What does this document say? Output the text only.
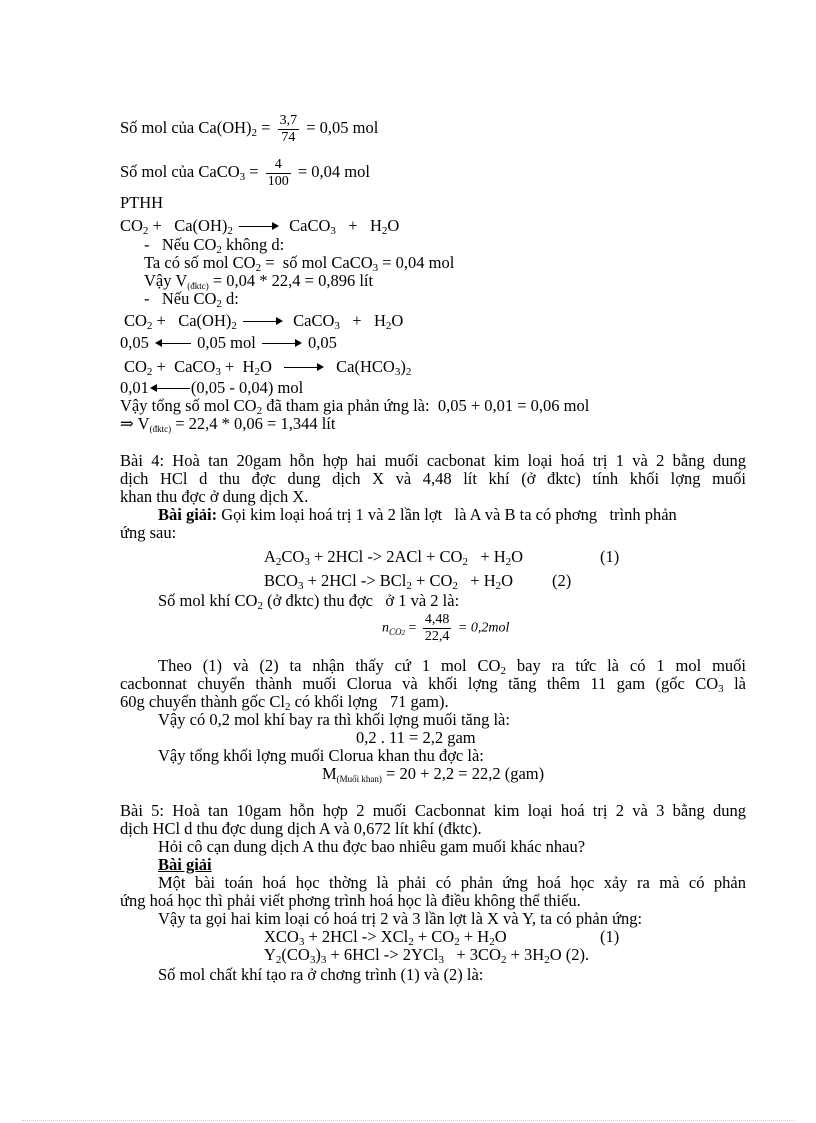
Số mol của $Ca(OH)_2 = \frac{3,7}{74} = 0,05$ mol
Số mol của CaCO$_3$ = $\frac{4}{100} = 0,04$ mol
PTHH
$CO_2 + Ca(OH)_2$	CaCO$_3$   +   $H_2O$
-   Nếu $CO_2$ không d:
Ta có số mol $CO_2$ =  số mol CaCO$_3$ = 0,04 mol
Vậy $V_{(đktc)} = 0,04 * 22,4 = 0,896$ lít
-   Nếu $CO_2$ d:
$CO_2 + Ca(OH)_2$	CaCO$_3$   +   $H_2O$
0,05	0,05 mol	0,05
$CO_2$ +  CaCO$_3$ +  $H_2O$	$Ca(HCO_3)_2$
0,01	(0,05 - 0,04) mol
Vậy tổng số mol $CO_2$ đã tham gia phản ứng là:  0,05 + 0,01 = 0,06 mol
⇒ $V_{(đktc)} = 22,4 * 0,06 = 1,344$ lít
Bài 4: Hoà tan 20gam hỗn hợp hai muối cacbonat kim loại hoá trị 1 và 2 bằng dung
dịch HCl d thu đợc dung dịch X và 4,48 lít khí (ở đktc) tính khối lợng muối
khan thu đợc ở dung dịch X.
Bài giải: Gọi kim loại hoá trị 1 và 2 lần lợt   là A và B ta có phơng   trình phản
ứng sau:
$A_2CO_3 + 2HCl -> 2ACl + CO_2 + H_2O$	(1)
$BCO_3 + 2HCl -> BCl_2 + CO_2 + H_2O$ (2)
Số mol khí $CO_2$ (ở đktc) thu đợc   ở 1 và 2 là:
$n_{CO2} = \frac{4,48}{22,4} = 0,2mol$
Theo (1) và (2) ta nhận thấy cứ 1 mol $CO_2$ bay ra tức là có 1 mol muối
cacbonnat chuyển thành muối Clorua và khối lợng tăng thêm 11 gam (gốc $CO_3$ là
60g chuyển thành gốc $Cl_2$ có khối lợng   71 gam).
Vậy có 0,2 mol khí bay ra thì khối lợng muối tăng là:
0,2 . 11 = 2,2 gam
Vậy tổng khối lợng muối Clorua khan thu đợc là:
$M_{(Muối khan)} = 20 + 2,2 = 22,2$ (gam)
Bài 5: Hoà tan 10gam hỗn hợp 2 muối Cacbonnat kim loại hoá trị 2 và 3 bằng dung
dịch HCl d thu đợc dung dịch A và 0,672 lít khí (đktc).
Hỏi cô cạn dung dịch A thu đợc bao nhiêu gam muối khác nhau?
Bài giải
Một bài toán hoá học thờng là phải có phản ứng hoá học xảy ra mà có phản
ứng hoá học thì phải viết phơng trình hoá học là điều không thể thiếu.
Vậy ta gọi hai kim loại có hoá trị 2 và 3 lần lợt là X và Y, ta có phản ứng:
$XCO_3 + 2HCl -> XCl_2 + CO_2 + H_2O$	(1)
$Y_2(CO_3)_3 + 6HCl -> 2YCl_3 + 3CO_2 + 3H_2O$ (2).
Số mol chất khí tạo ra ở chơng trình (1) và (2) là:
